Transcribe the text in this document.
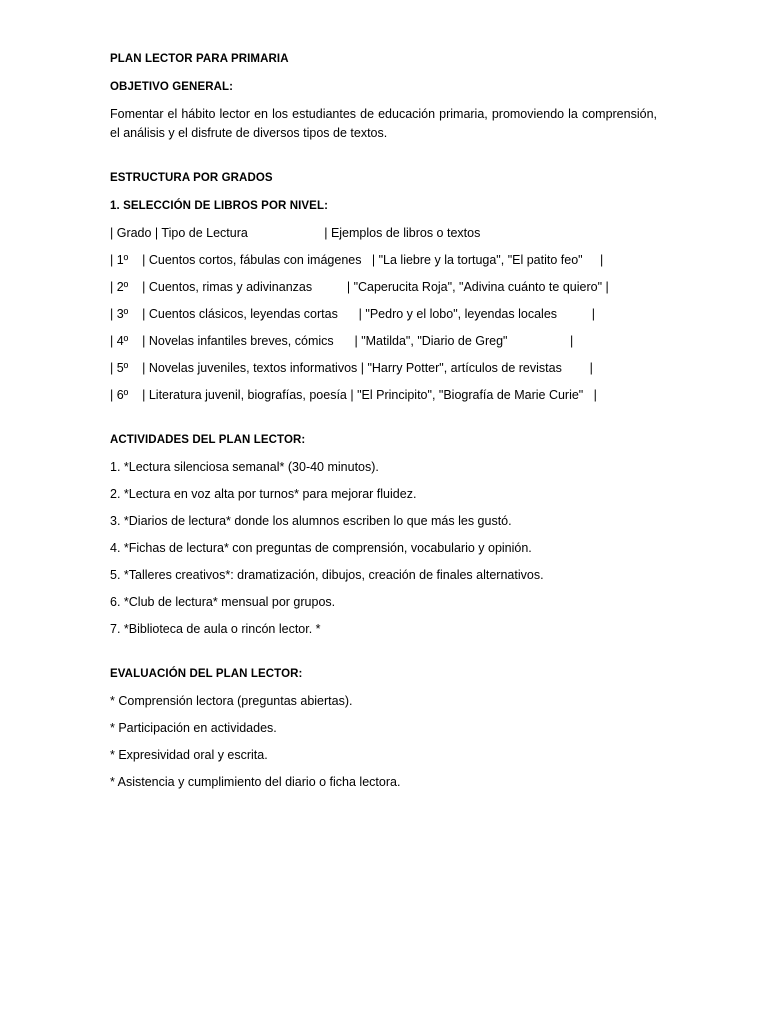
PLAN LECTOR PARA PRIMARIA
OBJETIVO GENERAL:

Fomentar el hábito lector en los estudiantes de educación primaria, promoviendo la comprensión, el análisis y el disfrute de diversos tipos de textos.

ESTRUCTURA POR GRADOS
1. SELECCIÓN DE LIBROS POR NIVEL:
| Grado | Tipo de Lectura                      | Ejemplos de libros o textos
| 1º    | Cuentos cortos, fábulas con imágenes   | "La liebre y la tortuga", "El patito feo"     |
| 2º    | Cuentos, rimas y adivinanzas          | "Caperucita Roja", "Adivina cuánto te quiero" |
| 3º    | Cuentos clásicos, leyendas cortas      | "Pedro y el lobo", leyendas locales          |
| 4º    | Novelas infantiles breves, cómics      | "Matilda", "Diario de Greg"                  |
| 5º    | Novelas juveniles, textos informativos | "Harry Potter", artículos de revistas        |
| 6º    | Literatura juvenil, biografías, poesía | "El Principito", "Biografía de Marie Curie"   |
ACTIVIDADES DEL PLAN LECTOR:
1. *Lectura silenciosa semanal* (30-40 minutos).
2. *Lectura en voz alta por turnos* para mejorar fluidez.
3. *Diarios de lectura* donde los alumnos escriben lo que más les gustó.
4. *Fichas de lectura* con preguntas de comprensión, vocabulario y opinión.
5. *Talleres creativos*: dramatización, dibujos, creación de finales alternativos.
6. *Club de lectura* mensual por grupos.
7. *Biblioteca de aula o rincón lector. *
EVALUACIÓN DEL PLAN LECTOR:
* Comprensión lectora (preguntas abiertas).
* Participación en actividades.
* Expresividad oral y escrita.
* Asistencia y cumplimiento del diario o ficha lectora.
